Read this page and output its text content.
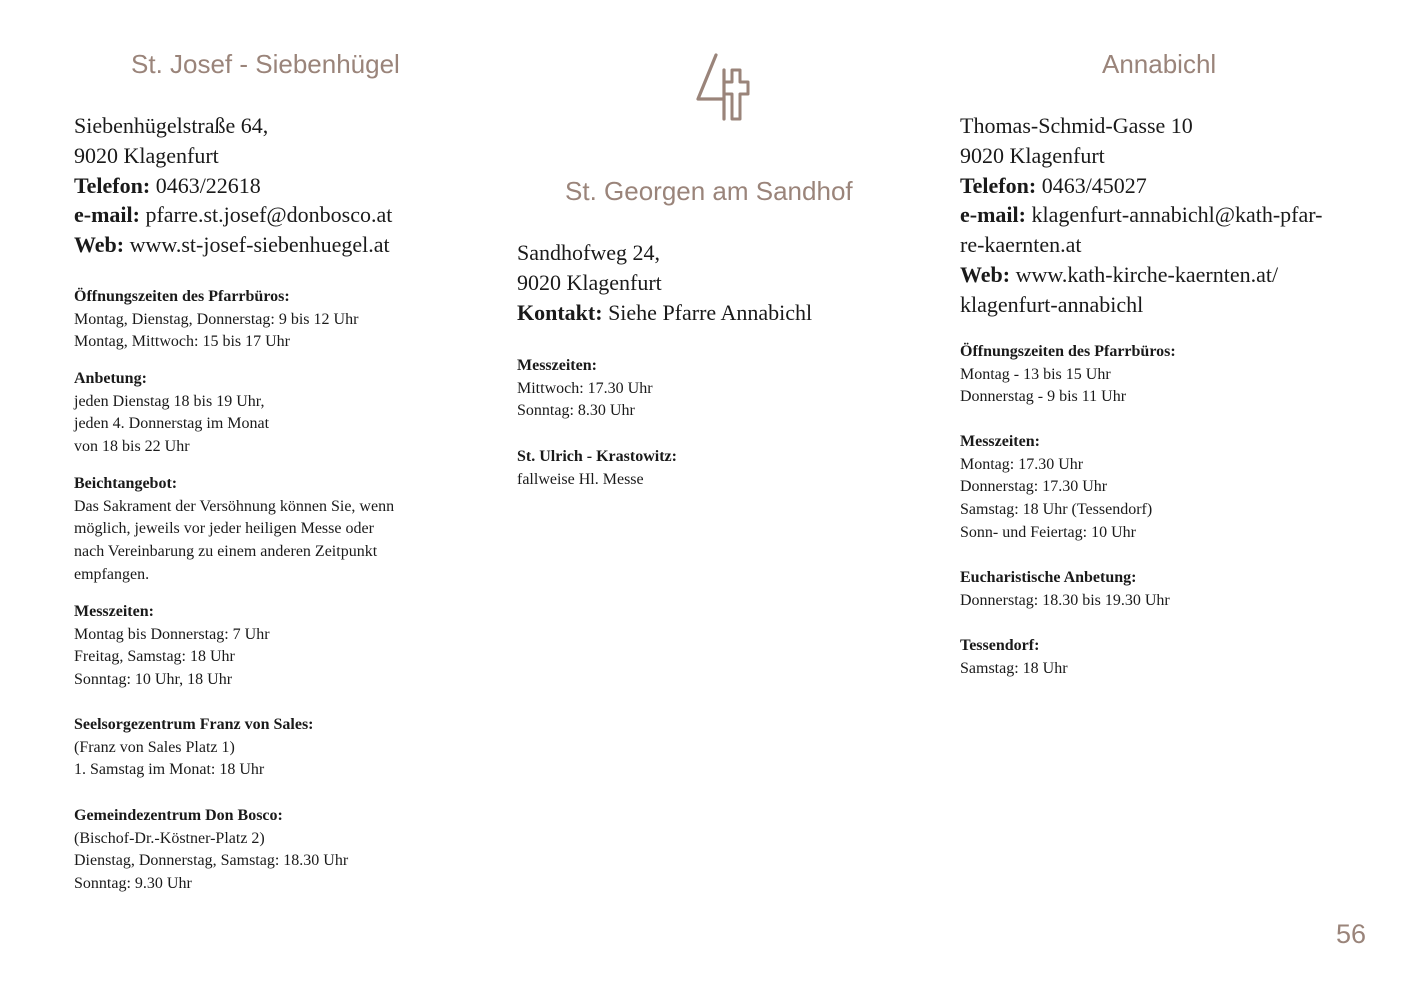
St. Josef - Siebenhügel
Siebenhügelstraße 64,
9020 Klagenfurt
Telefon: 0463/22618
e-mail: pfarre.st.josef@donbosco.at
Web: www.st-josef-siebenhuegel.at
Öffnungszeiten des Pfarrbüros:
Montag, Dienstag, Donnerstag: 9 bis 12 Uhr
Montag, Mittwoch: 15 bis 17 Uhr
Anbetung:
jeden Dienstag 18 bis 19 Uhr,
jeden 4. Donnerstag im Monat
von 18 bis 22 Uhr
Beichtangebot:
Das Sakrament der Versöhnung können Sie, wenn
möglich, jeweils vor jeder heiligen Messe oder
nach Vereinbarung zu einem anderen Zeitpunkt
empfangen.
Messzeiten:
Montag bis Donnerstag: 7 Uhr
Freitag, Samstag: 18 Uhr
Sonntag: 10 Uhr, 18 Uhr
Seelsorgezentrum Franz von Sales:
(Franz von Sales Platz 1)
1. Samstag im Monat: 18 Uhr
Gemeindezentrum Don Bosco:
(Bischof-Dr.-Köstner-Platz 2)
Dienstag, Donnerstag, Samstag: 18.30 Uhr
Sonntag: 9.30 Uhr
St. Georgen am Sandhof
Sandhofweg 24,
9020 Klagenfurt
Kontakt: Siehe Pfarre Annabichl
Messzeiten:
Mittwoch: 17.30 Uhr
Sonntag: 8.30 Uhr
St. Ulrich - Krastowitz:
fallweise Hl. Messe
Annabichl
Thomas-Schmid-Gasse 10
9020 Klagenfurt
Telefon: 0463/45027
e-mail: klagenfurt-annabichl@kath-pfar-
re-kaernten.at
Web: www.kath-kirche-kaernten.at/
klagenfurt-annabichl
Öffnungszeiten des Pfarrbüros:
Montag - 13 bis 15 Uhr
Donnerstag - 9 bis 11 Uhr
Messzeiten:
Montag: 17.30 Uhr
Donnerstag: 17.30 Uhr
Samstag: 18 Uhr (Tessendorf)
Sonn- und Feiertag: 10 Uhr
Eucharistische Anbetung:
Donnerstag: 18.30 bis 19.30 Uhr
Tessendorf:
Samstag: 18 Uhr
56
